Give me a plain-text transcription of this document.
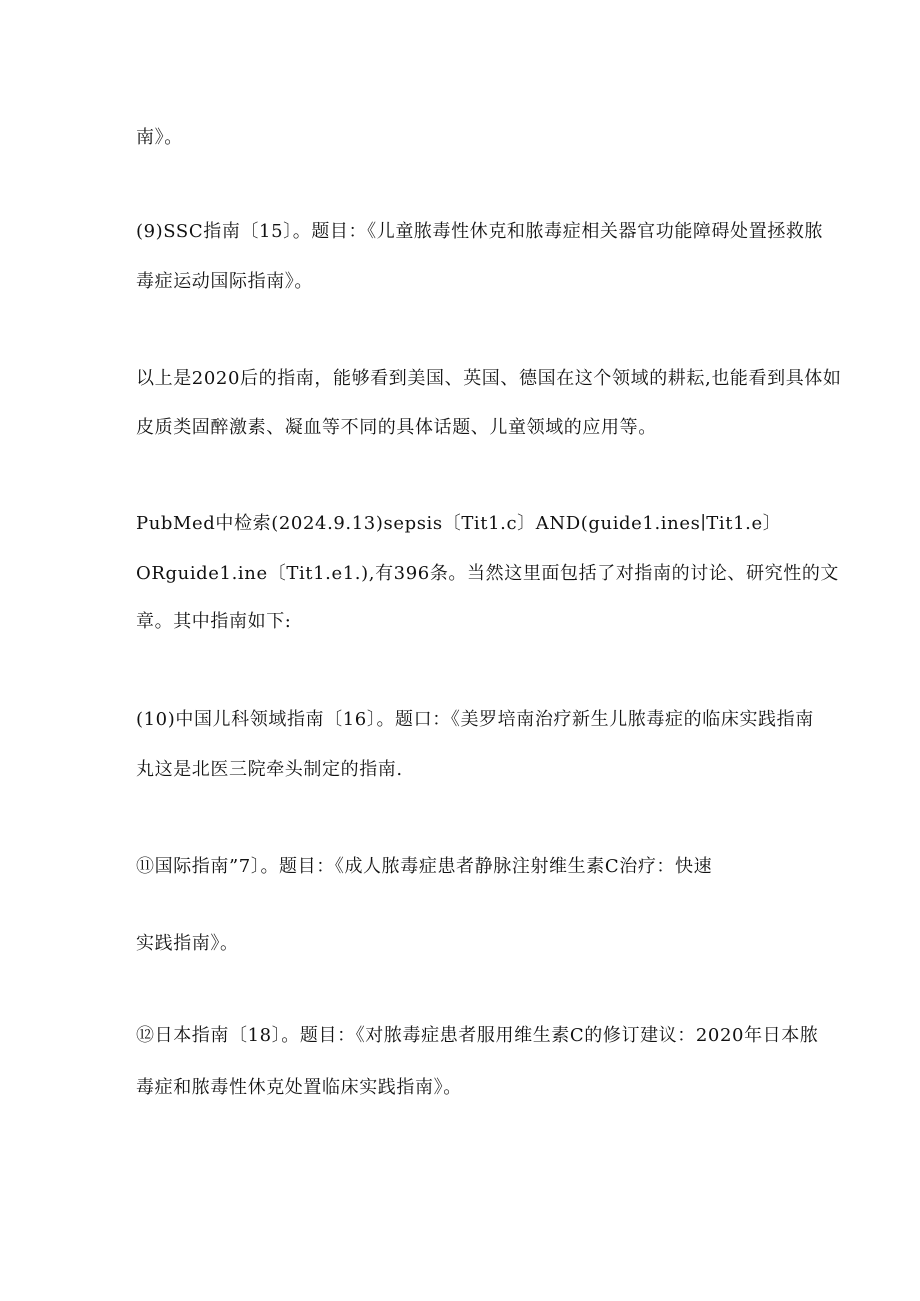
南》。
(9)SSC指南〔15〕。题目：《儿童脓毒性休克和脓毒症相关器官功能障碍处置拯救脓
毒症运动国际指南》。
以上是2020后的指南，能够看到美国、英国、德国在这个领域的耕耘,也能看到具体如
皮质类固醉激素、凝血等不同的具体话题、儿童领域的应用等。
PubMed中检索(2024.9.13)sepsis〔Tit1.c〕AND(guide1.ines∣Tit1.e〕
ORguide1.ine〔Tit1.e1.),有396条。当然这里面包括了对指南的讨论、研究性的文
章。其中指南如下:
(10)中国儿科领域指南〔16〕。题口：《美罗培南治疗新生儿脓毒症的临床实践指南
丸这是北医三院牵头制定的指南.
⑪国际指南”7〕。题目：《成人脓毒症患者静脉注射维生素C治疗：快速
实践指南》。
⑫日本指南〔18〕。题目：《对脓毒症患者服用维生素C的修订建议：2020年日本脓
毒症和脓毒性休克处置临床实践指南》。
